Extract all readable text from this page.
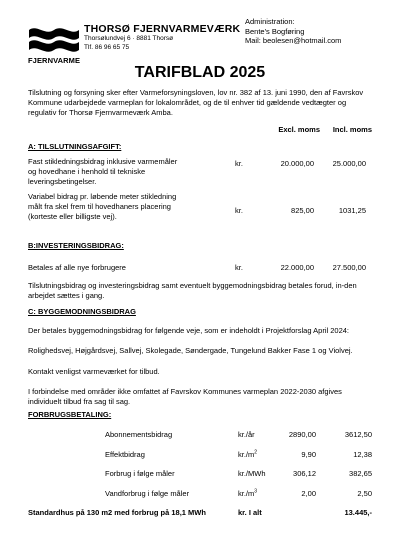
FJERNVARME
THORSØ FJERNVARMEVÆRK
Thorsølundvej 6 · 8881 Thorsø
Tlf. 86 96 65 75
Administration:
Bente's Bogføring
Mail: beolesen@hotmail.com
TARIFBLAD 2025
Tilslutning og forsyning sker efter Varmeforsyningsloven, lov nr. 382 af 13. juni 1990, den af Favrskov Kommune udarbejdede varmeplan for lokalområdet, og de til enhver tid gældende vedtægter og regulativ for Thorsø Fjernvarmeværk Amba.
Excl. moms	Incl. moms
A: TILSLUTNINGSAFGIFT:
Fast stikledningsbidrag inklusive varmemåler og hovedhane i henhold til tekniske leveringsbetingelser.
kr.	20.000,00	25.000,00
Variabel bidrag pr. løbende meter stikledning målt fra skel frem til hovedhaners placering (korteste eller billigste vej).
kr.	825,00	1031,25
B:INVESTERINGSBIDRAG:
Betales af alle nye forbrugere	kr.	22.000,00	27.500,00
Tilslutningsbidrag og investeringsbidrag samt eventuelt byggemodningsbidrag betales forud, in-den arbejdet sættes i gang.
C: BYGGEMODNINGSBIDRAG
Der betales byggemodningsbidrag for følgende veje, som er indeholdt i Projektforslag April 2024:
Rolighedsvej, Højgårdsvej, Sallvej, Skolegade, Søndergade, Tungelund Bakker Fase 1 og Violvej.
Kontakt venligst varmeværket for tilbud.
I forbindelse med områder ikke omfattet af Favrskov Kommunes varmeplan 2022-2030 afgives individuelt tilbud fra sag til sag.
FORBRUGSBETALING:
Abonnementsbidrag	kr./år	2890,00	3612,50
Effektbidrag	$kr./m^2$	9,90	12,38
Forbrug i følge måler	kr./MWh	306,12	382,65
Vandforbrug i følge måler	$kr./m^3$	2,00	2,50
Standardhus på 130 m2 med forbrug på 18,1 MWh	kr. I alt	13.445,-
